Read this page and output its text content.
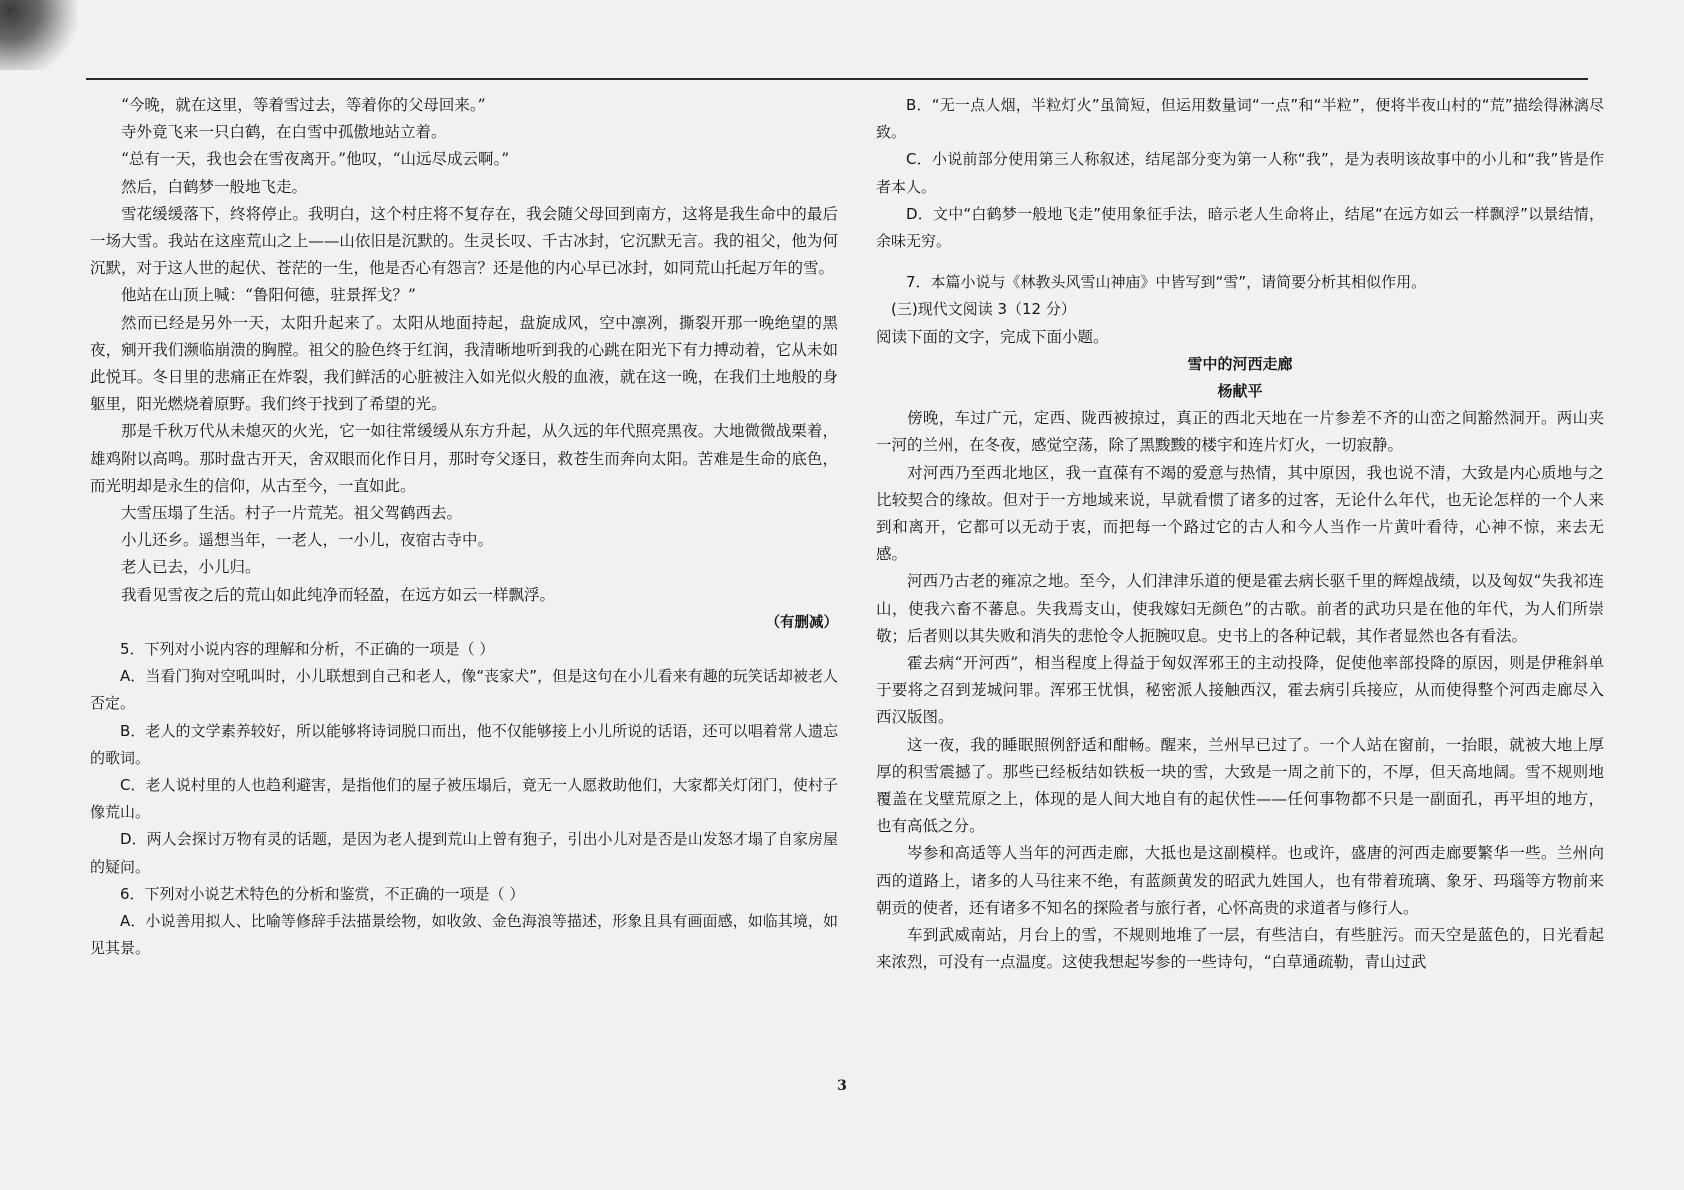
“今晚，就在这里，等着雪过去，等着你的父母回来。”

寺外竟飞来一只白鹤，在白雪中孤傲地站立着。

“总有一天，我也会在雪夜离开。”他叹，“山远尽成云啊。”

然后，白鹤梦一般地飞走。

雪花缓缓落下，终将停止。我明白，这个村庄将不复存在，我会随父母回到南方，这将是我生命中的最后一场大雪。我站在这座荒山之上——山依旧是沉默的。生灵长叹、千古冰封，它沉默无言。我的祖父，他为何沉默，对于这人世的起伏、苍茫的一生，他是否心有怨言？还是他的内心早已冰封，如同荒山托起万年的雪。

他站在山顶上喊：“鲁阳何德，驻景挥戈？”

然而已经是另外一天，太阳升起来了。太阳从地面持起，盘旋成风，空中凛冽，撕裂开那一晚绝望的黑夜，剜开我们濒临崩溃的胸膛。祖父的脸色终于红润，我清晰地听到我的心跳在阳光下有力搏动着，它从未如此悦耳。冬日里的悲痛正在炸裂，我们鲜活的心脏被注入如光似火般的血液，就在这一晚，在我们土地般的身躯里，阳光燃烧着原野。我们终于找到了希望的光。

那是千秋万代从未熄灭的火光，它一如往常缓缓从东方升起，从久远的年代照亮黑夜。大地微微战栗着，雄鸡附以高鸣。那时盘古开天，舍双眼而化作日月，那时夸父逐日，救苍生而奔向太阳。苦难是生命的底色，而光明却是永生的信仰，从古至今，一直如此。

大雪压塌了生活。村子一片荒芜。祖父驾鹤西去。

小儿还乡。遥想当年，一老人，一小儿，夜宿古寺中。

老人已去，小儿归。

我看见雪夜之后的荒山如此纯净而轻盈，在远方如云一样飘浮。

（有删减）

5．下列对小说内容的理解和分析，不正确的一项是（ ）

A．当看门狗对空吼叫时，小儿联想到自己和老人，像“丧家犬”，但是这句在小儿看来有趣的玩笑话却被老人否定。

B．老人的文学素养较好，所以能够将诗词脱口而出，他不仅能够接上小儿所说的话语，还可以唱着常人遗忘的歌词。

C．老人说村里的人也趋利避害，是指他们的屋子被压塌后，竟无一人愿救助他们，大家都关灯闭门，使村子像荒山。

D．两人会探讨万物有灵的话题，是因为老人提到荒山上曾有狍子，引出小儿对是否是山发怒才塌了自家房屋的疑问。

6．下列对小说艺术特色的分析和鉴赏，不正确的一项是（ ）

A．小说善用拟人、比喻等修辞手法描景绘物，如收敛、金色海浪等描述，形象且具有画面感，如临其境，如见其景。

B．“无一点人烟，半粒灯火”虽简短，但运用数量词“一点”和“半粒”，便将半夜山村的“荒”描绘得淋漓尽致。

C．小说前部分使用第三人称叙述，结尾部分变为第一人称“我”，是为表明该故事中的小儿和“我”皆是作者本人。

D．文中“白鹤梦一般地飞走”使用象征手法，暗示老人生命将止，结尾“在远方如云一样飘浮”以景结情，余味无穷。

7．本篇小说与《林教头风雪山神庙》中皆写到“雪”，请简要分析其相似作用。

(三)现代文阅读 3（12 分）

阅读下面的文字，完成下面小题。

雪中的河西走廊

杨献平

傍晚，车过广元，定西、陇西被掠过，真正的西北天地在一片参差不齐的山峦之间豁然洞开。两山夹一河的兰州，在冬夜，感觉空荡，除了黑黢黢的楼宇和连片灯火，一切寂静。

对河西乃至西北地区，我一直葆有不竭的爱意与热情，其中原因，我也说不清，大致是内心质地与之比较契合的缘故。但对于一方地域来说，早就看惯了诸多的过客，无论什么年代，也无论怎样的一个人来到和离开，它都可以无动于衷，而把每一个路过它的古人和今人当作一片黄叶看待，心神不惊，来去无感。

河西乃古老的雍凉之地。至今，人们津津乐道的便是霍去病长驱千里的辉煌战绩，以及匈奴“失我祁连山，使我六畜不蕃息。失我焉支山，使我嫁妇无颜色”的古歌。前者的武功只是在他的年代，为人们所崇敬；后者则以其失败和消失的悲怆令人扼腕叹息。史书上的各种记载，其作者显然也各有看法。

霍去病“开河西”，相当程度上得益于匈奴浑邪王的主动投降，促使他率部投降的原因，则是伊稚斜单于要将之召到茏城问罪。浑邪王忧惧，秘密派人接触西汉，霍去病引兵接应，从而使得整个河西走廊尽入西汉版图。

这一夜，我的睡眠照例舒适和酣畅。醒来，兰州早已过了。一个人站在窗前，一抬眼，就被大地上厚厚的积雪震撼了。那些已经板结如铁板一块的雪，大致是一周之前下的，不厚，但天高地阔。雪不规则地覆盖在戈壁荒原之上，体现的是人间大地自有的起伏性——任何事物都不只是一副面孔，再平坦的地方，也有高低之分。

岑参和高适等人当年的河西走廊，大抵也是这副模样。也或许，盛唐的河西走廊要繁华一些。兰州向西的道路上，诸多的人马往来不绝，有蓝颜黄发的昭武九姓国人，也有带着琉璃、象牙、玛瑙等方物前来朝贡的使者，还有诸多不知名的探险者与旅行者，心怀高贵的求道者与修行人。

车到武威南站，月台上的雪，不规则地堆了一层，有些洁白，有些脏污。而天空是蓝色的，日光看起来浓烈，可没有一点温度。这使我想起岑参的一些诗句，“白草通疏勒，青山过武

3
